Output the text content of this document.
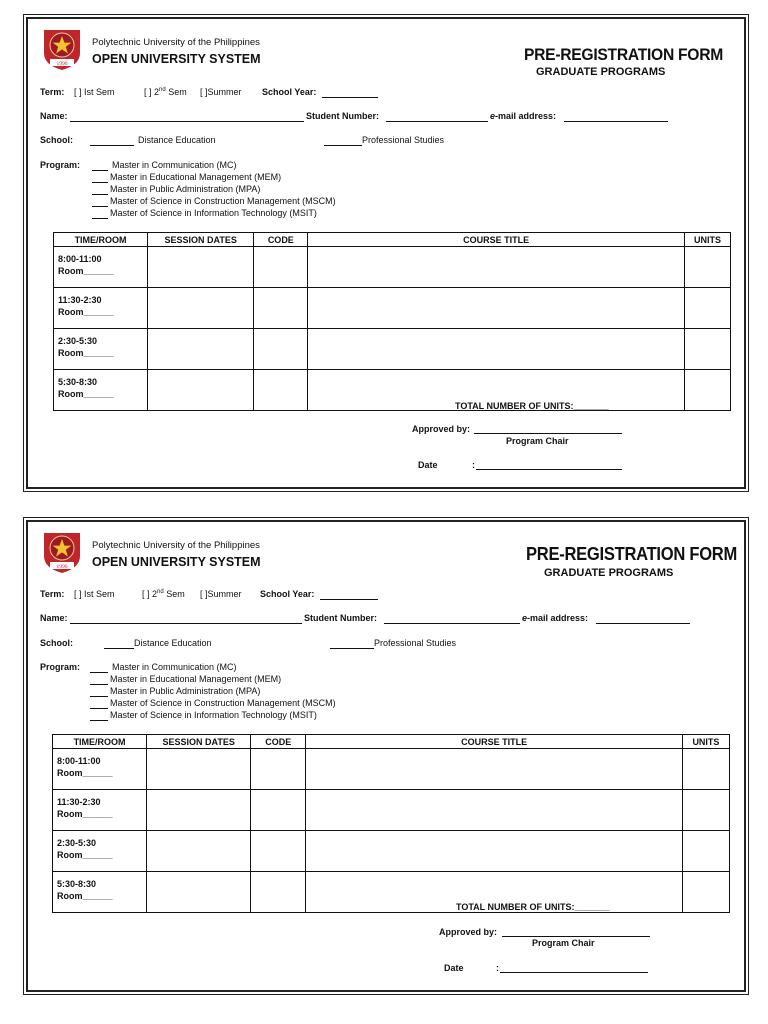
1990
Polytechnic University of the Philippines
OPEN UNIVERSITY SYSTEM	PRE-REGISTRATION FORM
GRADUATE PROGRAMS
Term: [ ] Ist Sem	[ ] 2nd Sem [ ]Summer School Year:
Name:	Student Number:	e-mail address:
School:	Distance Education	Professional Studies
Program:	Master in Communication (MC)
Master in Educational Management (MEM)
Master in Public Administration (MPA)
Master of Science in Construction Management (MSCM)
Master of Science in Information Technology (MSIT)
TIME/ROOM	SESSION DATES	CODE	COURSE TITLE	UNITS

8:00-11:00
Room______				

11:30-2:30
Room______				

2:30-5:30
Room______				

5:30-8:30
Room______				

TOTAL NUMBER OF UNITS:_______
Approved by:
Program Chair
Date	:
1990
Polytechnic University of the Philippines
OPEN UNIVERSITY SYSTEM	PRE-REGISTRATION FORM
GRADUATE PROGRAMS
Term: [ ] Ist Sem	[ ] 2nd Sem [ ]Summer School Year:
Name:	Student Number:	e-mail address:
School:	Distance Education	Professional Studies
Program:	Master in Communication (MC)
Master in Educational Management (MEM)
Master in Public Administration (MPA)
Master of Science in Construction Management (MSCM)
Master of Science in Information Technology (MSIT)
TIME/ROOM	SESSION DATES	CODE	COURSE TITLE	UNITS

8:00-11:00
Room______				

11:30-2:30
Room______				

2:30-5:30
Room______				

5:30-8:30
Room______				

TOTAL NUMBER OF UNITS:_______
Approved by:
Program Chair
Date	:
